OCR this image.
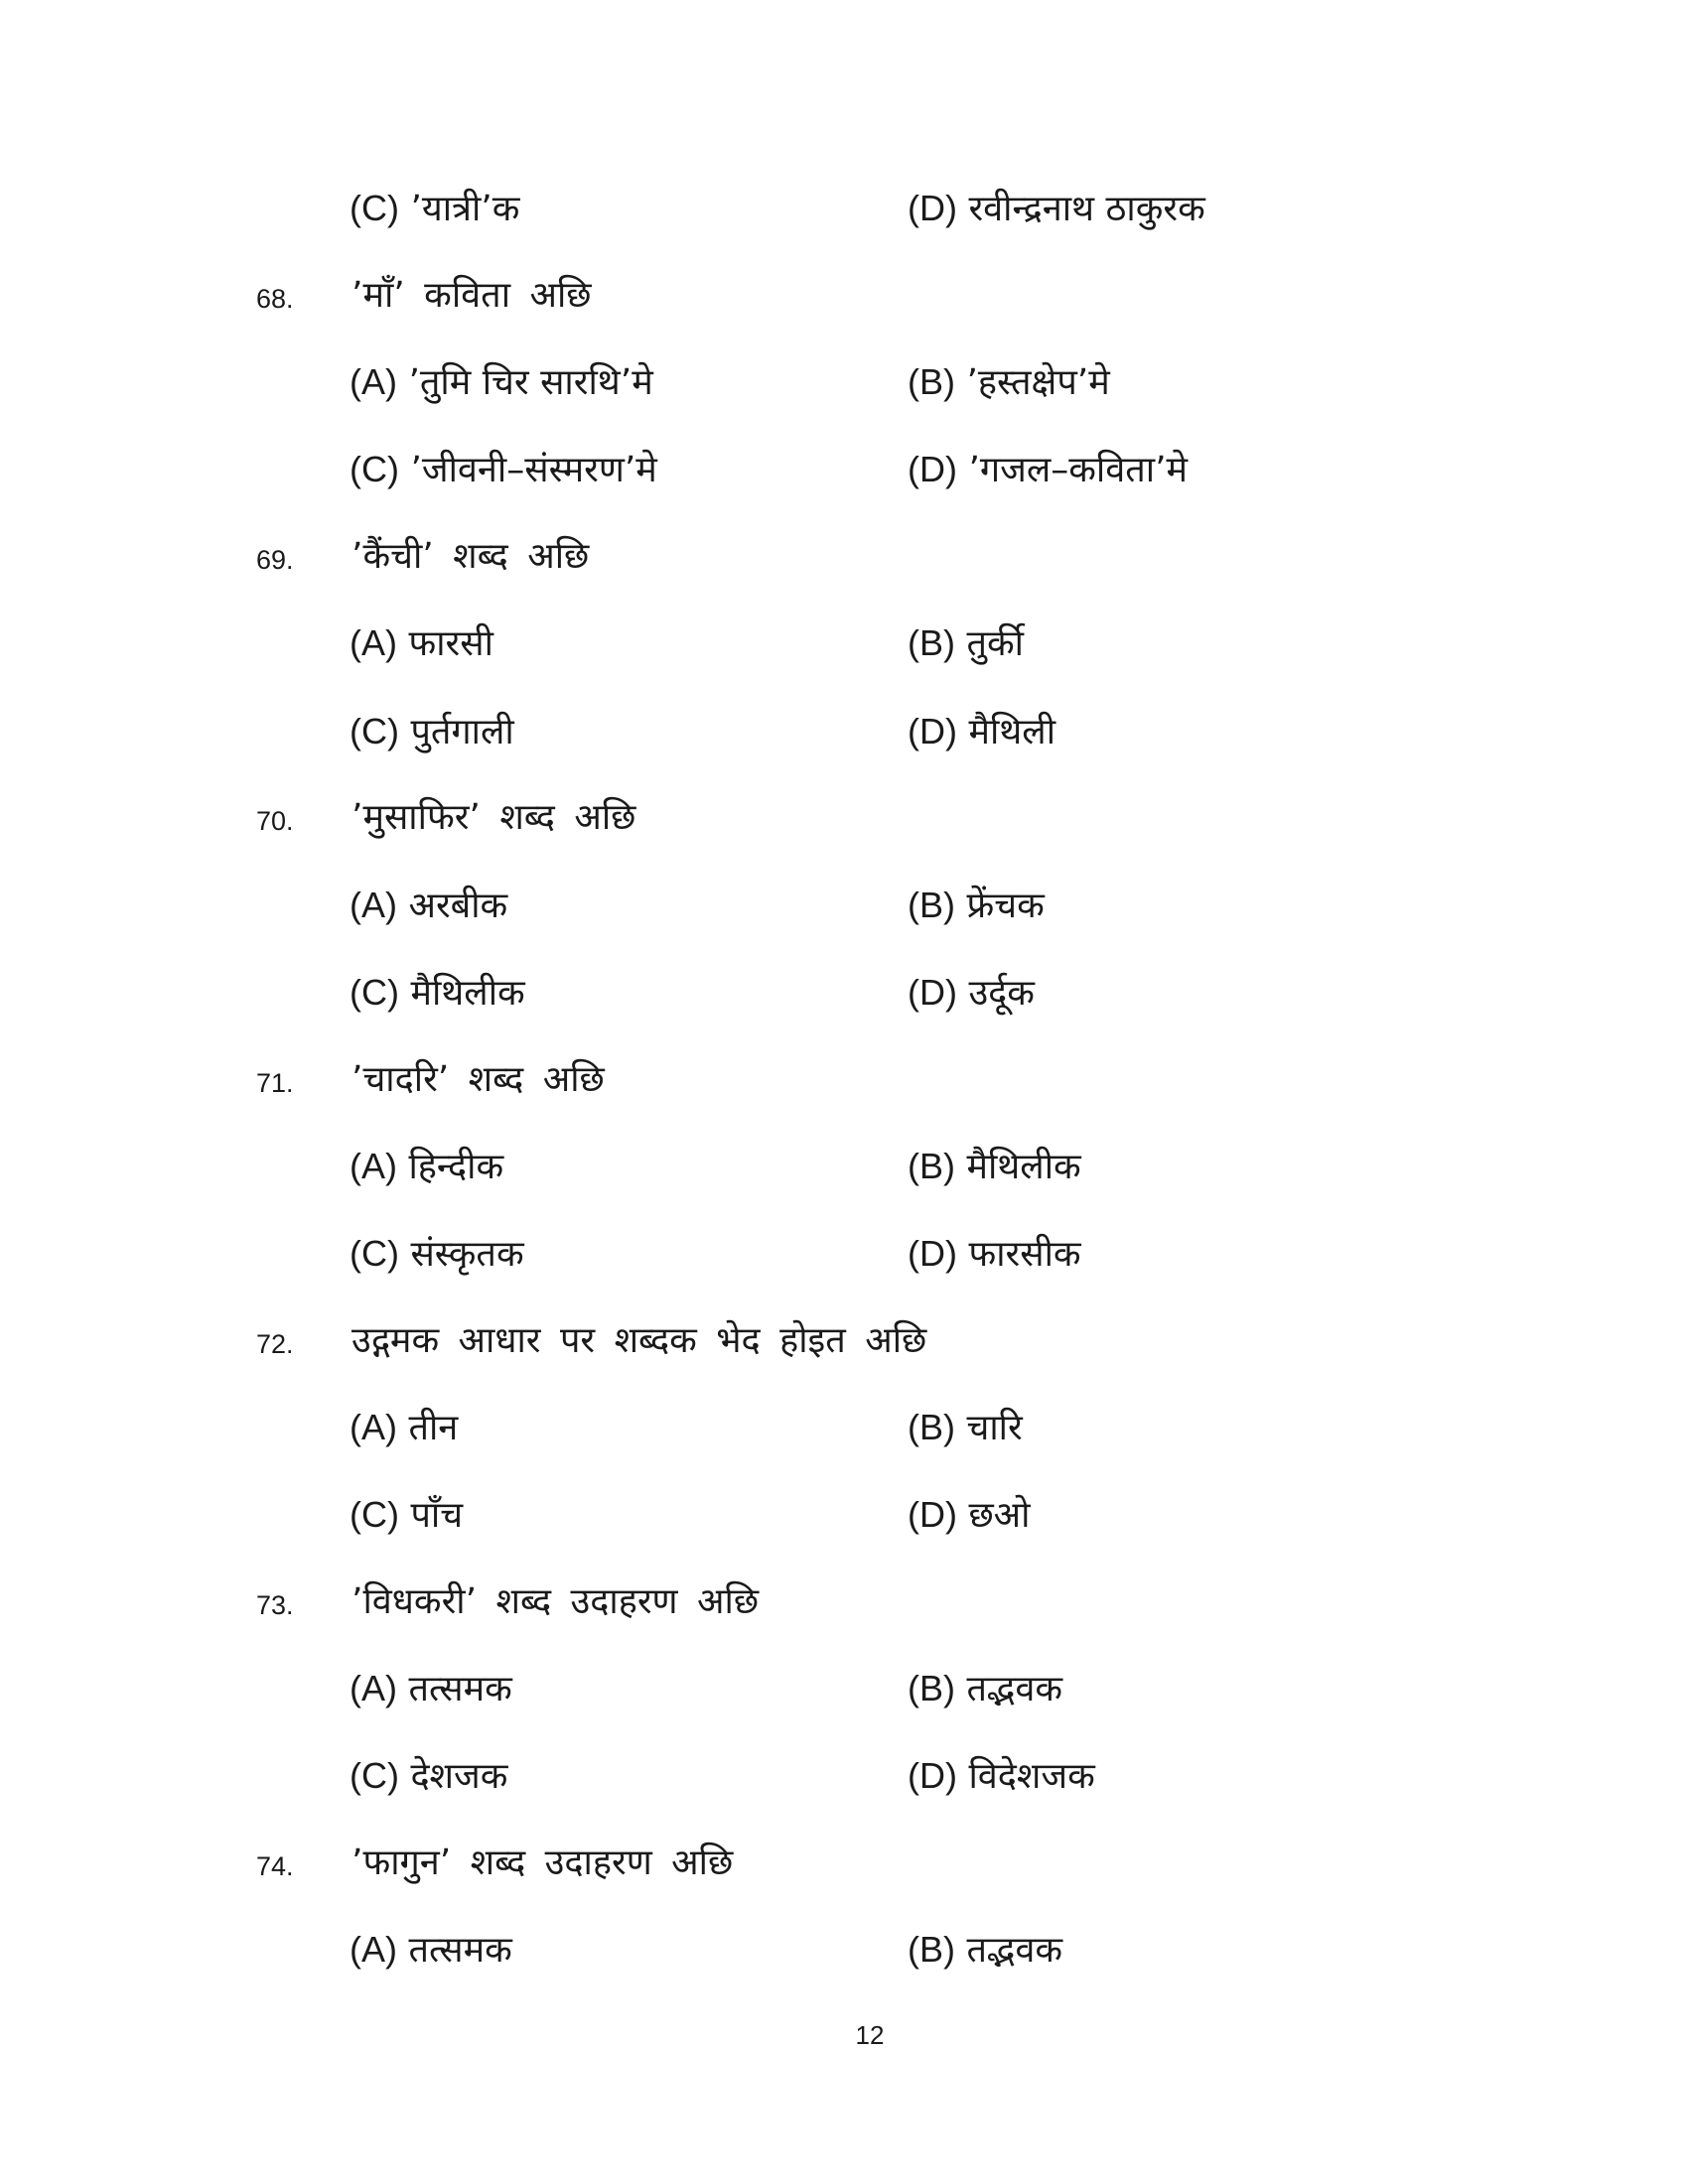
(C) ’यात्री’क	(D) रवीन्द्रनाथ ठाकुरक
68. ’माँ’ कविता अछि
(A) ’तुमि चिर सारथि’मे	(B) ’हस्तक्षेप’मे
(C) ’जीवनी–संस्मरण’मे	(D) ’गजल–कविता’मे
69. ’कैंची’ शब्द अछि
(A) फारसी	(B) तुर्की
(C) पुर्तगाली	(D) मैथिली
70. ’मुसाफिर’ शब्द अछि
(A) अरबीक	(B) फ्रेंचक
(C) मैथिलीक	(D) उर्दूक
71. ’चादरि’ शब्द अछि
(A) हिन्दीक	(B) मैथिलीक
(C) संस्कृतक	(D) फारसीक
72. उद्गमक आधार पर शब्दक भेद होइत अछि
(A) तीन	(B) चारि
(C) पाँच	(D) छओ
73. ’विधकरी’ शब्द उदाहरण अछि
(A) तत्समक	(B) तद्भवक
(C) देशजक	(D) विदेशजक
74. ’फागुन’ शब्द उदाहरण अछि
(A) तत्समक	(B) तद्भवक
12
